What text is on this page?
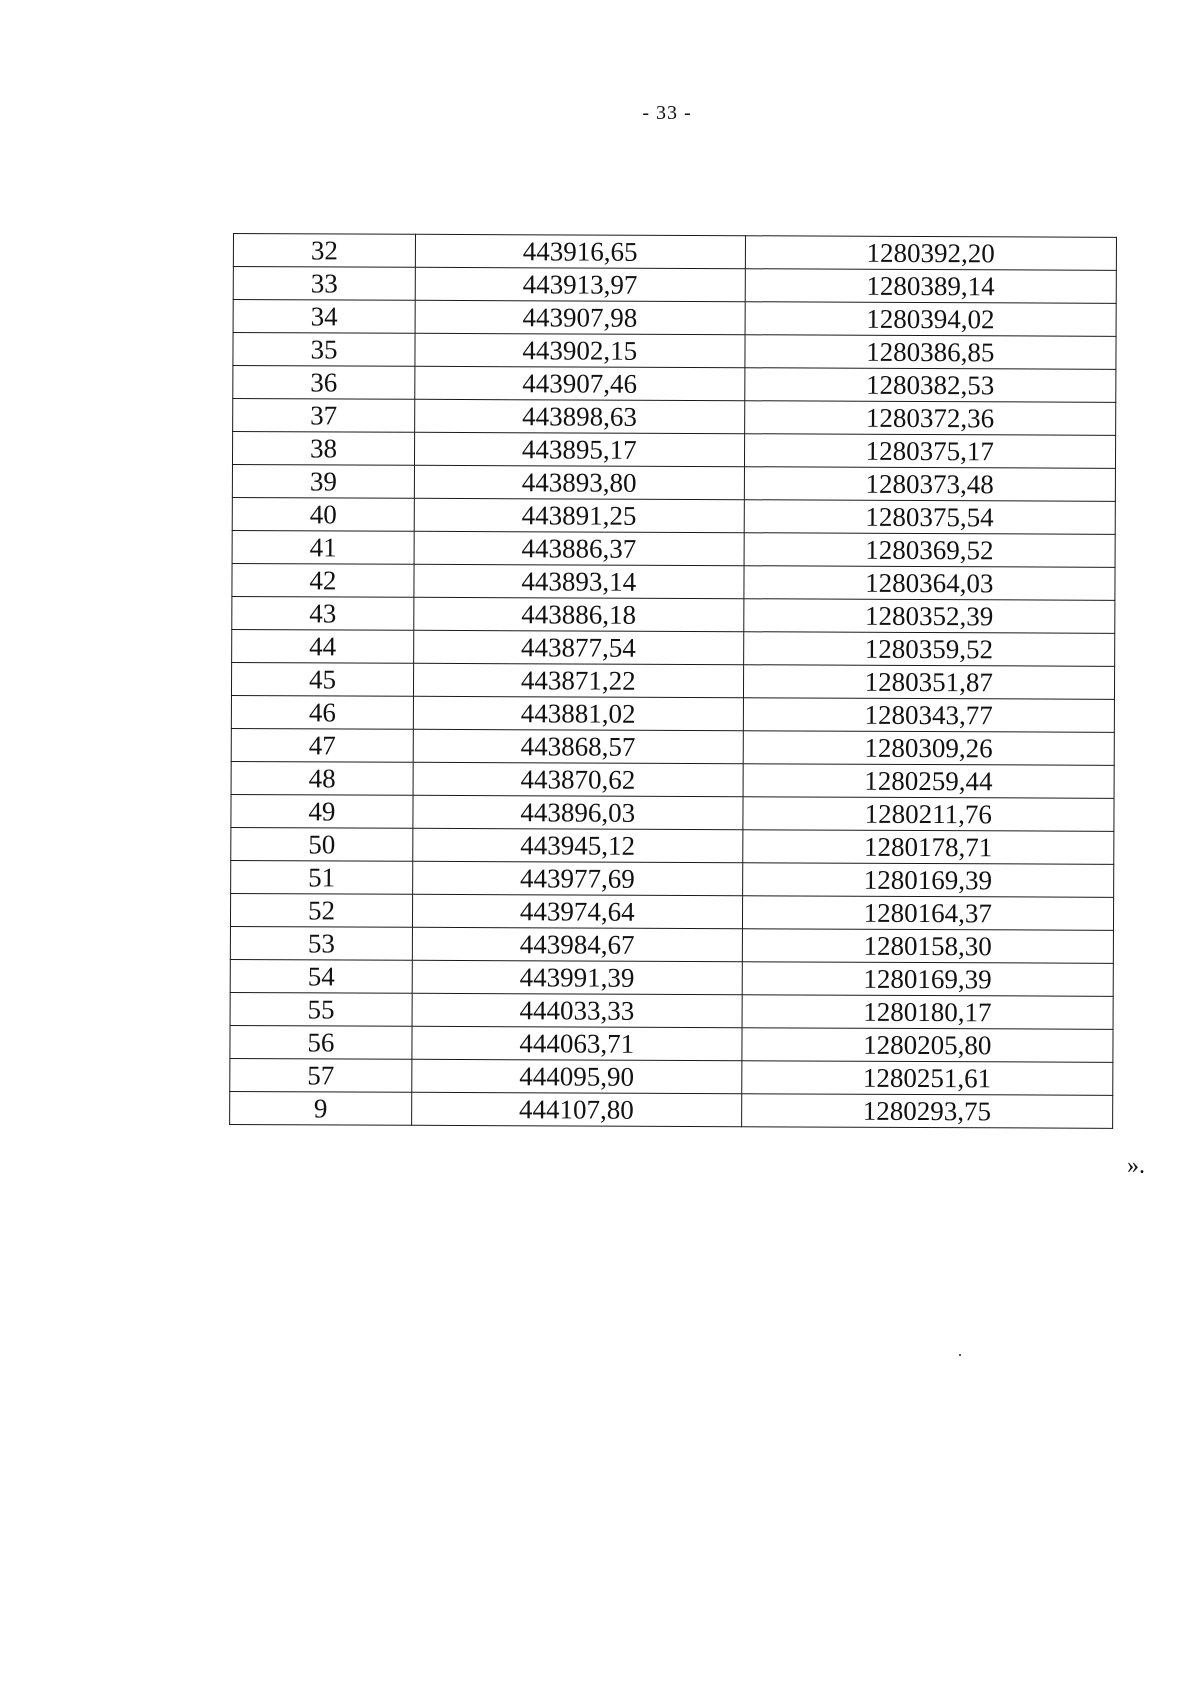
- 33 -
32	443916,65	1280392,20
33	443913,97	1280389,14
34	443907,98	1280394,02
35	443902,15	1280386,85
36	443907,46	1280382,53
37	443898,63	1280372,36
38	443895,17	1280375,17
39	443893,80	1280373,48
40	443891,25	1280375,54
41	443886,37	1280369,52
42	443893,14	1280364,03
43	443886,18	1280352,39
44	443877,54	1280359,52
45	443871,22	1280351,87
46	443881,02	1280343,77
47	443868,57	1280309,26
48	443870,62	1280259,44
49	443896,03	1280211,76
50	443945,12	1280178,71
51	443977,69	1280169,39
52	443974,64	1280164,37
53	443984,67	1280158,30
54	443991,39	1280169,39
55	444033,33	1280180,17
56	444063,71	1280205,80
57	444095,90	1280251,61
9	444107,80	1280293,75
».
